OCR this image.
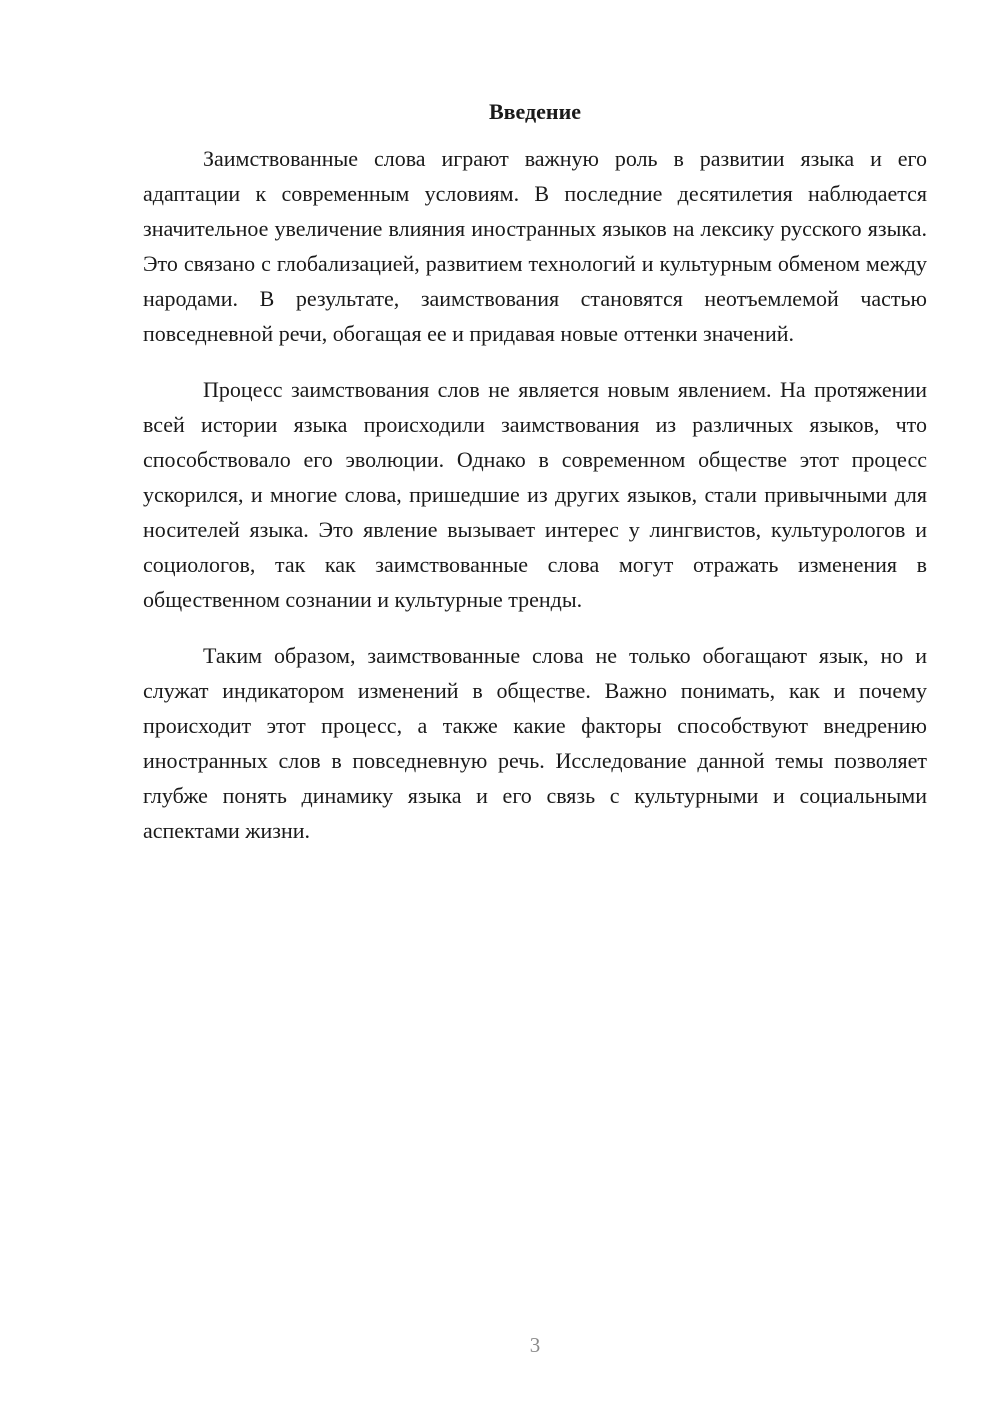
Введение

Заимствованные слова играют важную роль в развитии языка и его адаптации к современным условиям. В последние десятилетия наблюдается значительное увеличение влияния иностранных языков на лексику русского языка. Это связано с глобализацией, развитием технологий и культурным обменом между народами. В результате, заимствования становятся неотъемлемой частью повседневной речи, обогащая ее и придавая новые оттенки значений.

Процесс заимствования слов не является новым явлением. На протяжении всей истории языка происходили заимствования из различных языков, что способствовало его эволюции. Однако в современном обществе этот процесс ускорился, и многие слова, пришедшие из других языков, стали привычными для носителей языка. Это явление вызывает интерес у лингвистов, культурологов и социологов, так как заимствованные слова могут отражать изменения в общественном сознании и культурные тренды.

Таким образом, заимствованные слова не только обогащают язык, но и служат индикатором изменений в обществе. Важно понимать, как и почему происходит этот процесс, а также какие факторы способствуют внедрению иностранных слов в повседневную речь. Исследование данной темы позволяет глубже понять динамику языка и его связь с культурными и социальными аспектами жизни.

3
